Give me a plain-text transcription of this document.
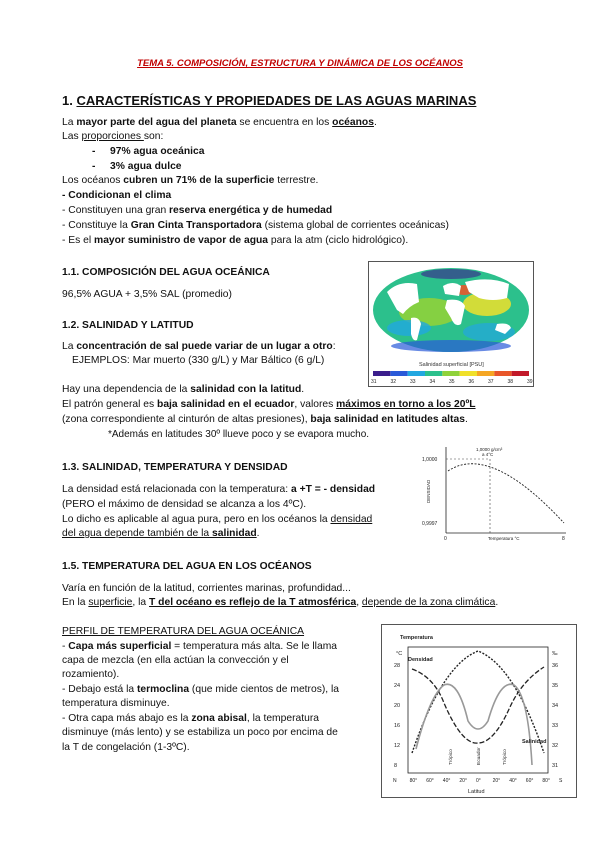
TEMA 5. COMPOSICIÓN, ESTRUCTURA Y DINÁMICA DE LOS OCÉANOS
1. CARACTERÍSTICAS Y PROPIEDADES DE LAS AGUAS MARINAS
La mayor parte del agua del planeta se encuentra en los océanos.
Las proporciones son:
- 97% agua oceánica
- 3% agua dulce
Los océanos cubren un 71% de la superficie terrestre.
- Condicionan el clima
- Constituyen una gran reserva energética y de humedad
- Constituye la Gran Cinta Transportadora (sistema global de corrientes oceánicas)
- Es el mayor suministro de vapor de agua para la atm (ciclo hidrológico).
1.1. COMPOSICIÓN DEL AGUA OCEÁNICA
96,5% AGUA + 3,5% SAL (promedio)
1.2. SALINIDAD Y LATITUD
La concentración de sal puede variar de un lugar a otro:
EJEMPLOS: Mar muerto (330 g/L) y Mar Báltico (6 g/L)
Hay una dependencia de la salinidad con la latitud.
El patrón general es baja salinidad en el ecuador, valores máximos en torno a los 20ºL
(zona correspondiente al cinturón de altas presiones), baja salinidad en latitudes altas.
*Además en latitudes 30º llueve poco y se evapora mucho.
Salinidad superficial [PSU]
31	32	33	34	35	36	37	38	39
1.3. SALINIDAD, TEMPERATURA Y DENSIDAD
La densidad está relacionada con la temperatura: a +T = - densidad
(PERO el máximo de densidad se alcanza a los 4ºC).
Lo dicho es aplicable al agua pura, pero en los océanos la densidad
del agua depende también de la salinidad.
1,0000
0,9997
DENSIDAD
1,0000 g/cm³
a 4°C
0	8
Temperatura °C
1.5. TEMPERATURA DEL AGUA EN LOS OCÉANOS
Varía en función de la latitud, corrientes marinas, profundidad...
En la superficie, la T del océano es reflejo de la T atmosférica, depende de la zona climática.
PERFIL DE TEMPERATURA DEL AGUA OCEÁNICA
- Capa más superficial = temperatura más alta. Se le llama
capa de mezcla (en ella actúan la convección y el
rozamiento).
- Debajo está la termoclina (que mide cientos de metros), la
temperatura disminuye.
- Otra capa más abajo es la zona abisal, la temperatura
disminuye (más lento) y se estabiliza un poco por encima de
la T de congelación (1-3ºC).
Temperatura
Densidad
Salinidad
°C	‰
28
24
20
16
12
8
36
35
34
33
32
31
N	80° 60° 40° 20° 0° 20° 40° 60° 80° S
Latitud
Trópico	Ecuador	Trópico
